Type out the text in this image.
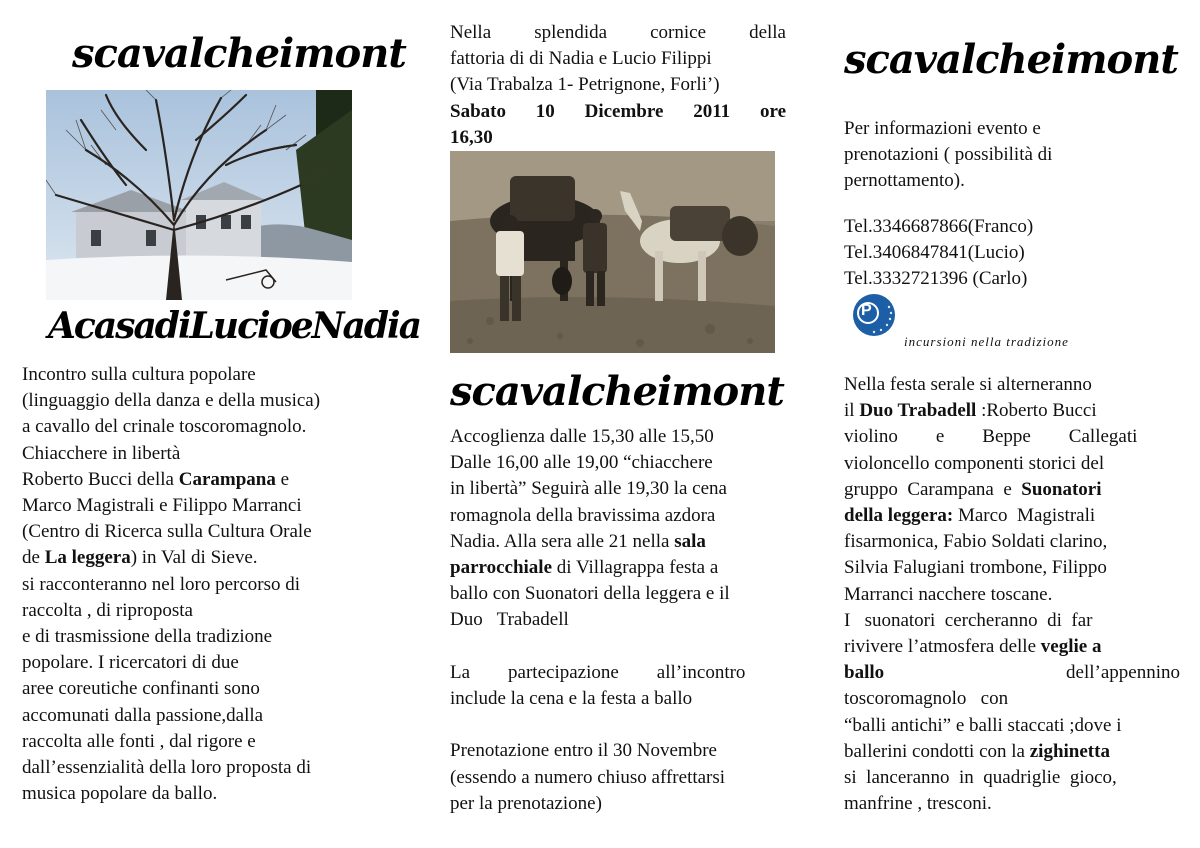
scavalcheimont
AcasadiLucioeNadia
Incontro sulla cultura popolare
(linguaggio della danza e della musica)
a cavallo del crinale toscoromagnolo.
Chiacchere in libertà
Roberto Bucci della Carampana e
Marco Magistrali e Filippo Marranci
(Centro di Ricerca sulla Cultura Orale
de La leggera) in Val di Sieve.
si racconteranno nel loro percorso di
raccolta , di riproposta
e di trasmissione della tradizione
popolare. I ricercatori di due
aree coreutiche confinanti sono
accomunati dalla passione,dalla
raccolta alle fonti , dal rigore e
dall’essenzialità della loro proposta di
musica popolare da ballo.
Nella splendida cornice della
fattoria di di Nadia e Lucio Filippi
(Via Trabalza 1- Petrignone, Forli’)
Sabato 10 Dicembre 2011 ore
16,30
scavalcheimont
Accoglienza dalle 15,30 alle 15,50
Dalle 16,00 alle 19,00 “chiacchere
in libertà” Seguirà alle 19,30 la cena
romagnola della bravissima azdora
Nadia. Alla sera alle 21 nella sala
parrocchiale di Villagrappa festa a
ballo con Suonatori della leggera e il
Duo   Trabadell

La        partecipazione        all’incontro
include la cena e la festa a ballo

Prenotazione entro il 30 Novembre
(essendo a numero chiuso affrettarsi
per la prenotazione)
scavalcheimont
Per informazioni evento e
prenotazioni ( possibilità di
pernottamento).
Tel.3346687866(Franco)
Tel.3406847841(Lucio)
Tel.3332721396 (Carlo)
P
incursioni nella tradizione
Nella festa serale si alterneranno
il Duo Trabadell :Roberto Bucci
violino        e        Beppe        Callegati
violoncello componenti storici del
gruppo  Carampana  e  Suonatori
della leggera: Marco  Magistrali
fisarmonica, Fabio Soldati clarino,
Silvia Falugiani trombone, Filippo
Marranci nacchere toscane.
I   suonatori  cercheranno  di  far
rivivere l’atmosfera delle veglie a
ballo	dell’appennino
toscoromagnolo   con
“balli antichi” e balli staccati ;dove i
ballerini condotti con la zighinetta
si  lanceranno  in  quadriglie  gioco,
manfrine , tresconi.
